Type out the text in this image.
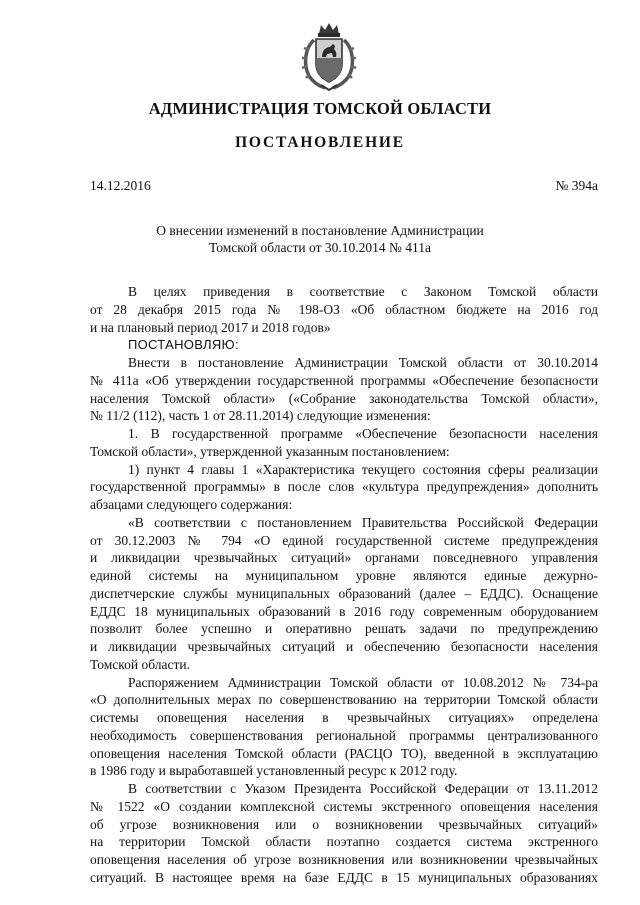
АДМИНИСТРАЦИЯ ТОМСКОЙ ОБЛАСТИ
ПОСТАНОВЛЕНИЕ
14.12.2016	№ 394а
О внесении изменений в постановление Администрации
Томской области от 30.10.2014 № 411а
В целях приведения в соответствие с Законом Томской области
от 28 декабря 2015 года № 198-ОЗ «Об областном бюджете на 2016 год
и на плановый период 2017 и 2018 годов»
ПОСТАНОВЛЯЮ:
Внести в постановление Администрации Томской области от 30.10.2014
№ 411а «Об утверждении государственной программы «Обеспечение безопасности
населения Томской области» («Собрание законодательства Томской области»,
№ 11/2 (112), часть 1 от 28.11.2014) следующие изменения:
1. В государственной программе «Обеспечение безопасности населения
Томской области», утвержденной указанным постановлением:
1) пункт 4 главы 1 «Характеристика текущего состояния сферы реализации
государственной программы» в после слов «культура предупреждения» дополнить
абзацами следующего содержания:
«В соответствии с постановлением Правительства Российской Федерации
от 30.12.2003 № 794 «О единой государственной системе предупреждения
и ликвидации чрезвычайных ситуаций» органами повседневного управления
единой системы на муниципальном уровне являются единые дежурно-
диспетчерские службы муниципальных образований (далее – ЕДДС). Оснащение
ЕДДС 18 муниципальных образований в 2016 году современным оборудованием
позволит более успешно и оперативно решать задачи по предупреждению
и ликвидации чрезвычайных ситуаций и обеспечению безопасности населения
Томской области.
Распоряжением Администрации Томской области от 10.08.2012 № 734-ра
«О дополнительных мерах по совершенствованию на территории Томской области
системы оповещения населения в чрезвычайных ситуациях» определена
необходимость совершенствования региональной программы централизованного
оповещения населения Томской области (РАСЦО ТО), введенной в эксплуатацию
в 1986 году и выработавшей установленный ресурс к 2012 году.
В соответствии с Указом Президента Российской Федерации от 13.11.2012
№ 1522 «О создании комплексной системы экстренного оповещения населения
об угрозе возникновения или о возникновении чрезвычайных ситуаций»
на территории Томской области поэтапно создается система экстренного
оповещения населения об угрозе возникновения или возникновении чрезвычайных
ситуаций. В настоящее время на базе ЕДДС в 15 муниципальных образованиях
